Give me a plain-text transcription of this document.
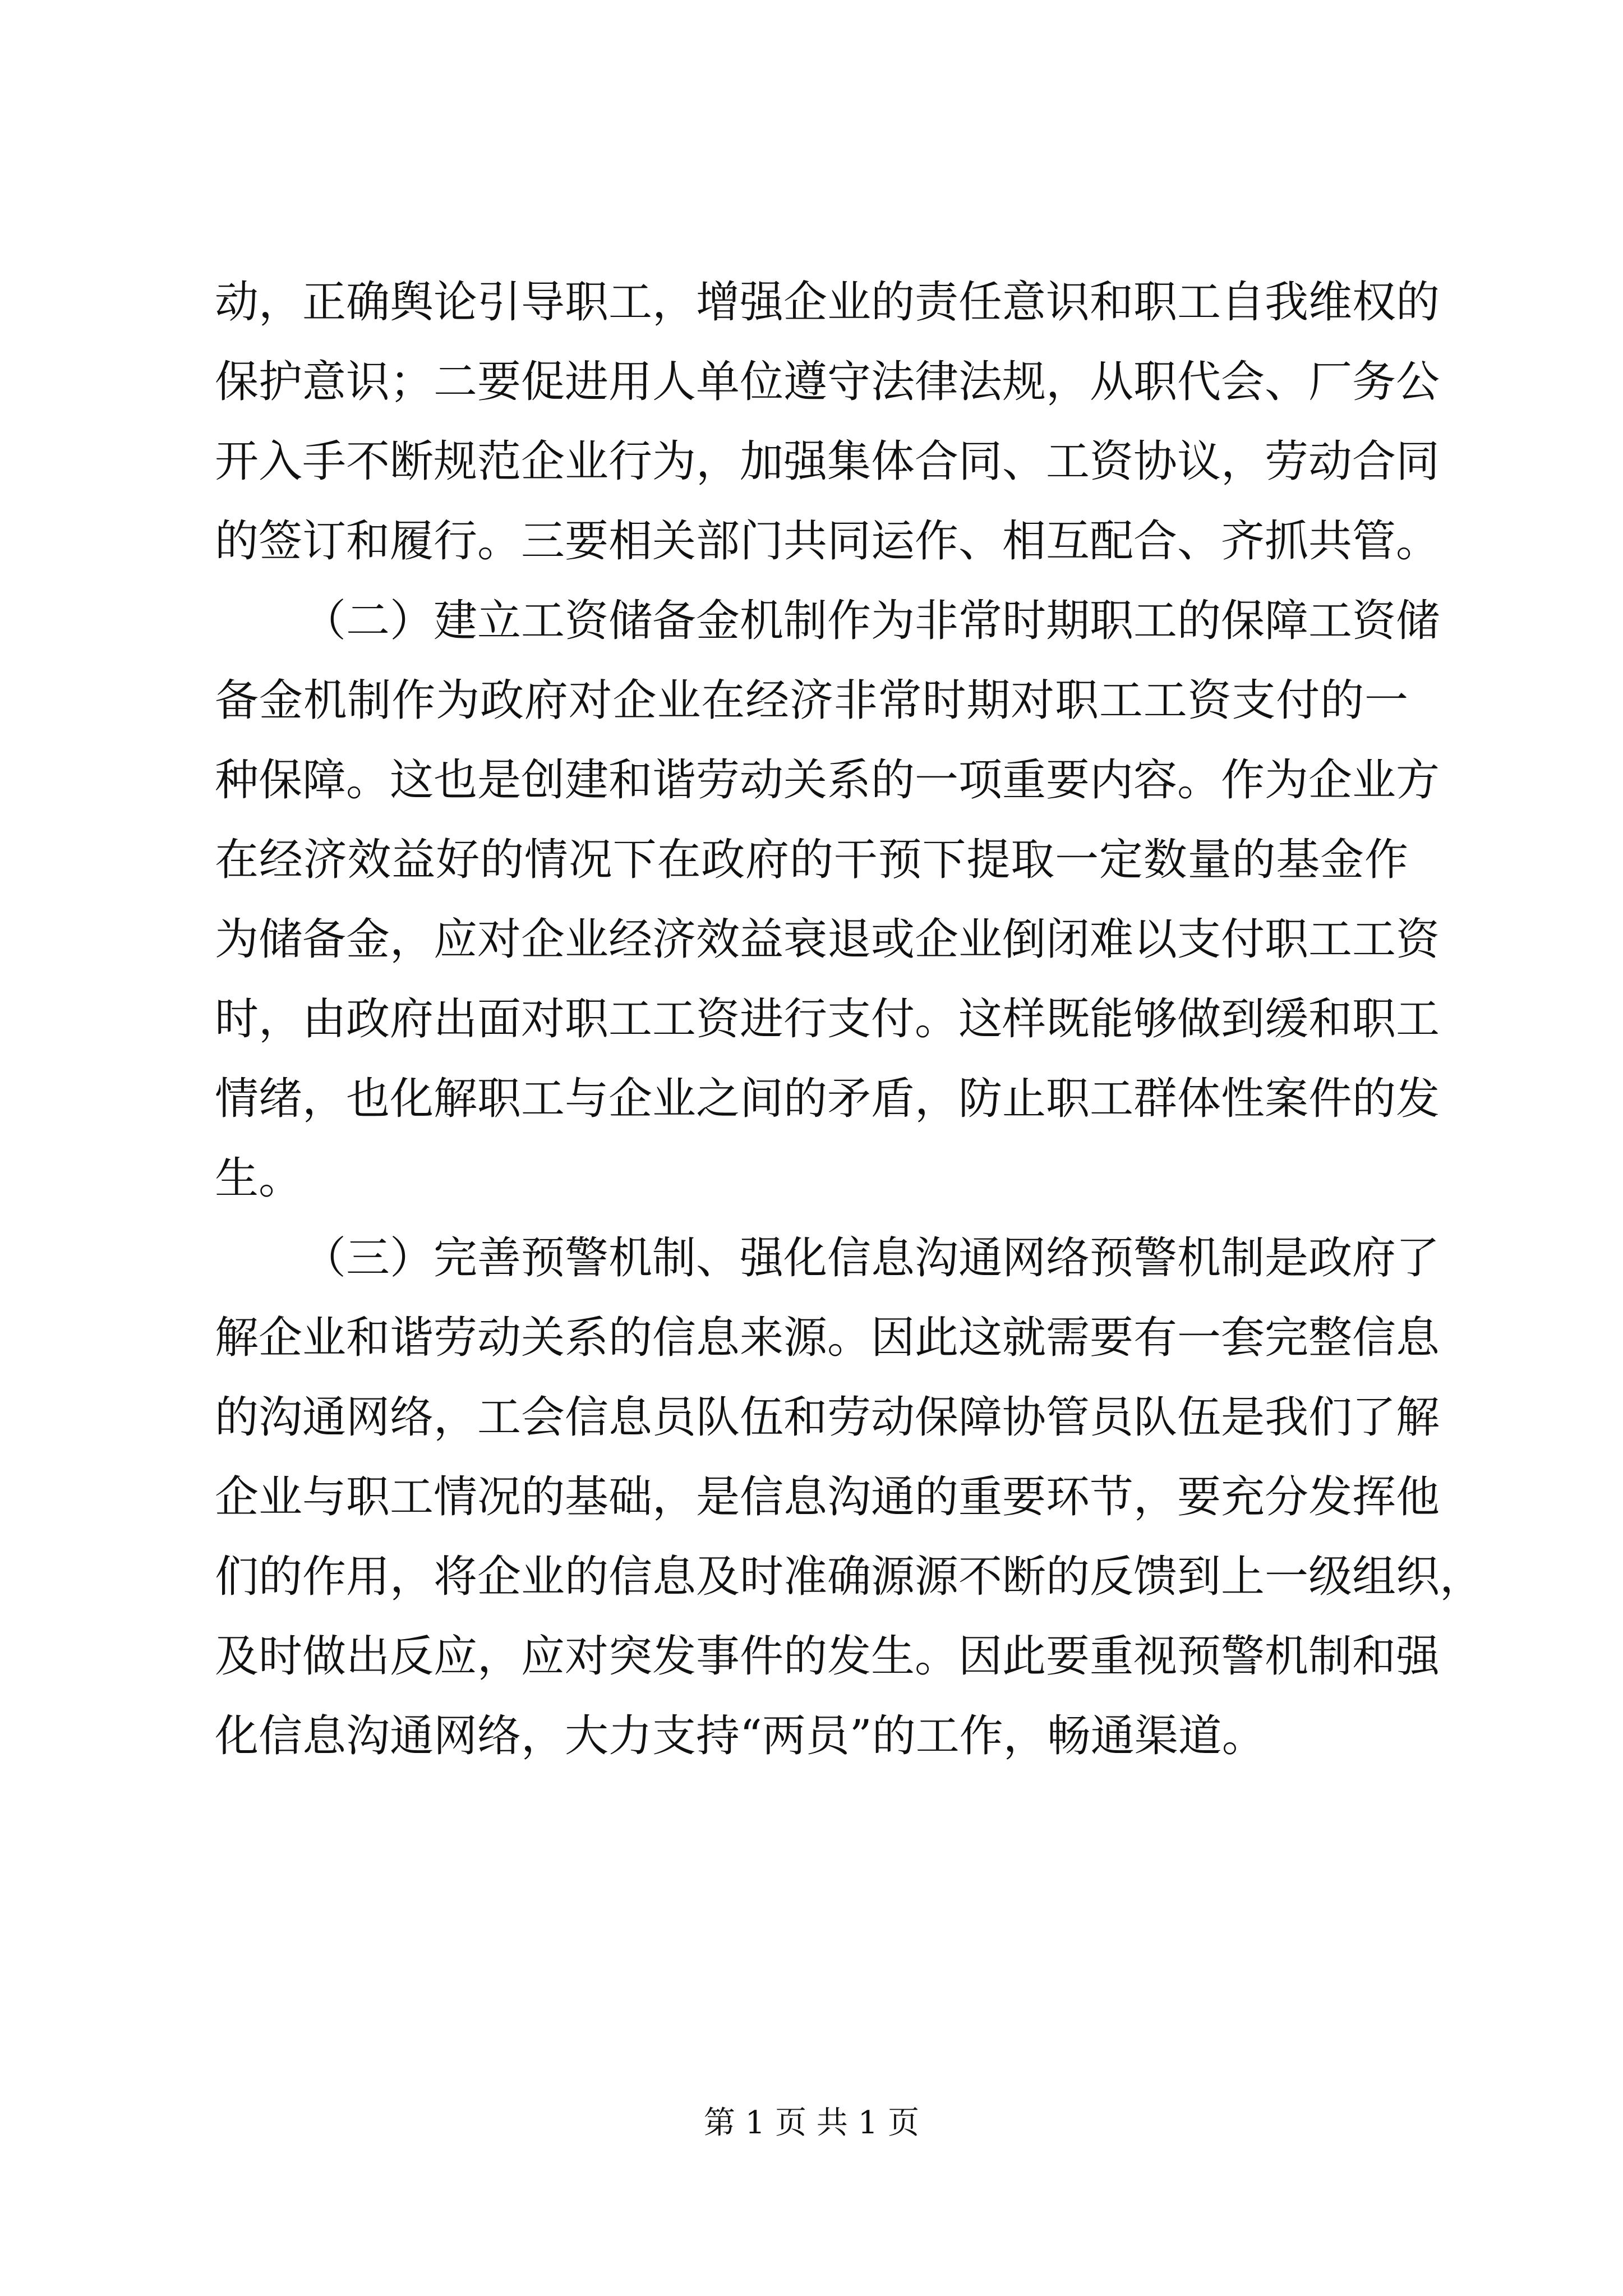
动，正确舆论引导职工，增强企业的责任意识和职工自我维权的
保护意识；二要促进用人单位遵守法律法规，从职代会、厂务公
开入手不断规范企业行为，加强集体合同、工资协议，劳动合同
的签订和履行。三要相关部门共同运作、相互配合、齐抓共管。
（二）建立工资储备金机制作为非常时期职工的保障工资储
备金机制作为政府对企业在经济非常时期对职工工资支付的一
种保障。这也是创建和谐劳动关系的一项重要内容。作为企业方
在经济效益好的情况下在政府的干预下提取一定数量的基金作
为储备金，应对企业经济效益衰退或企业倒闭难以支付职工工资
时，由政府出面对职工工资进行支付。这样既能够做到缓和职工
情绪，也化解职工与企业之间的矛盾，防止职工群体性案件的发
生。
（三）完善预警机制、强化信息沟通网络预警机制是政府了
解企业和谐劳动关系的信息来源。因此这就需要有一套完整信息
的沟通网络，工会信息员队伍和劳动保障协管员队伍是我们了解
企业与职工情况的基础，是信息沟通的重要环节，要充分发挥他
们的作用，将企业的信息及时准确源源不断的反馈到上一级组织，
及时做出反应，应对突发事件的发生。因此要重视预警机制和强
化信息沟通网络，大力支持“两员”的工作，畅通渠道。
第 1 页 共 1 页
